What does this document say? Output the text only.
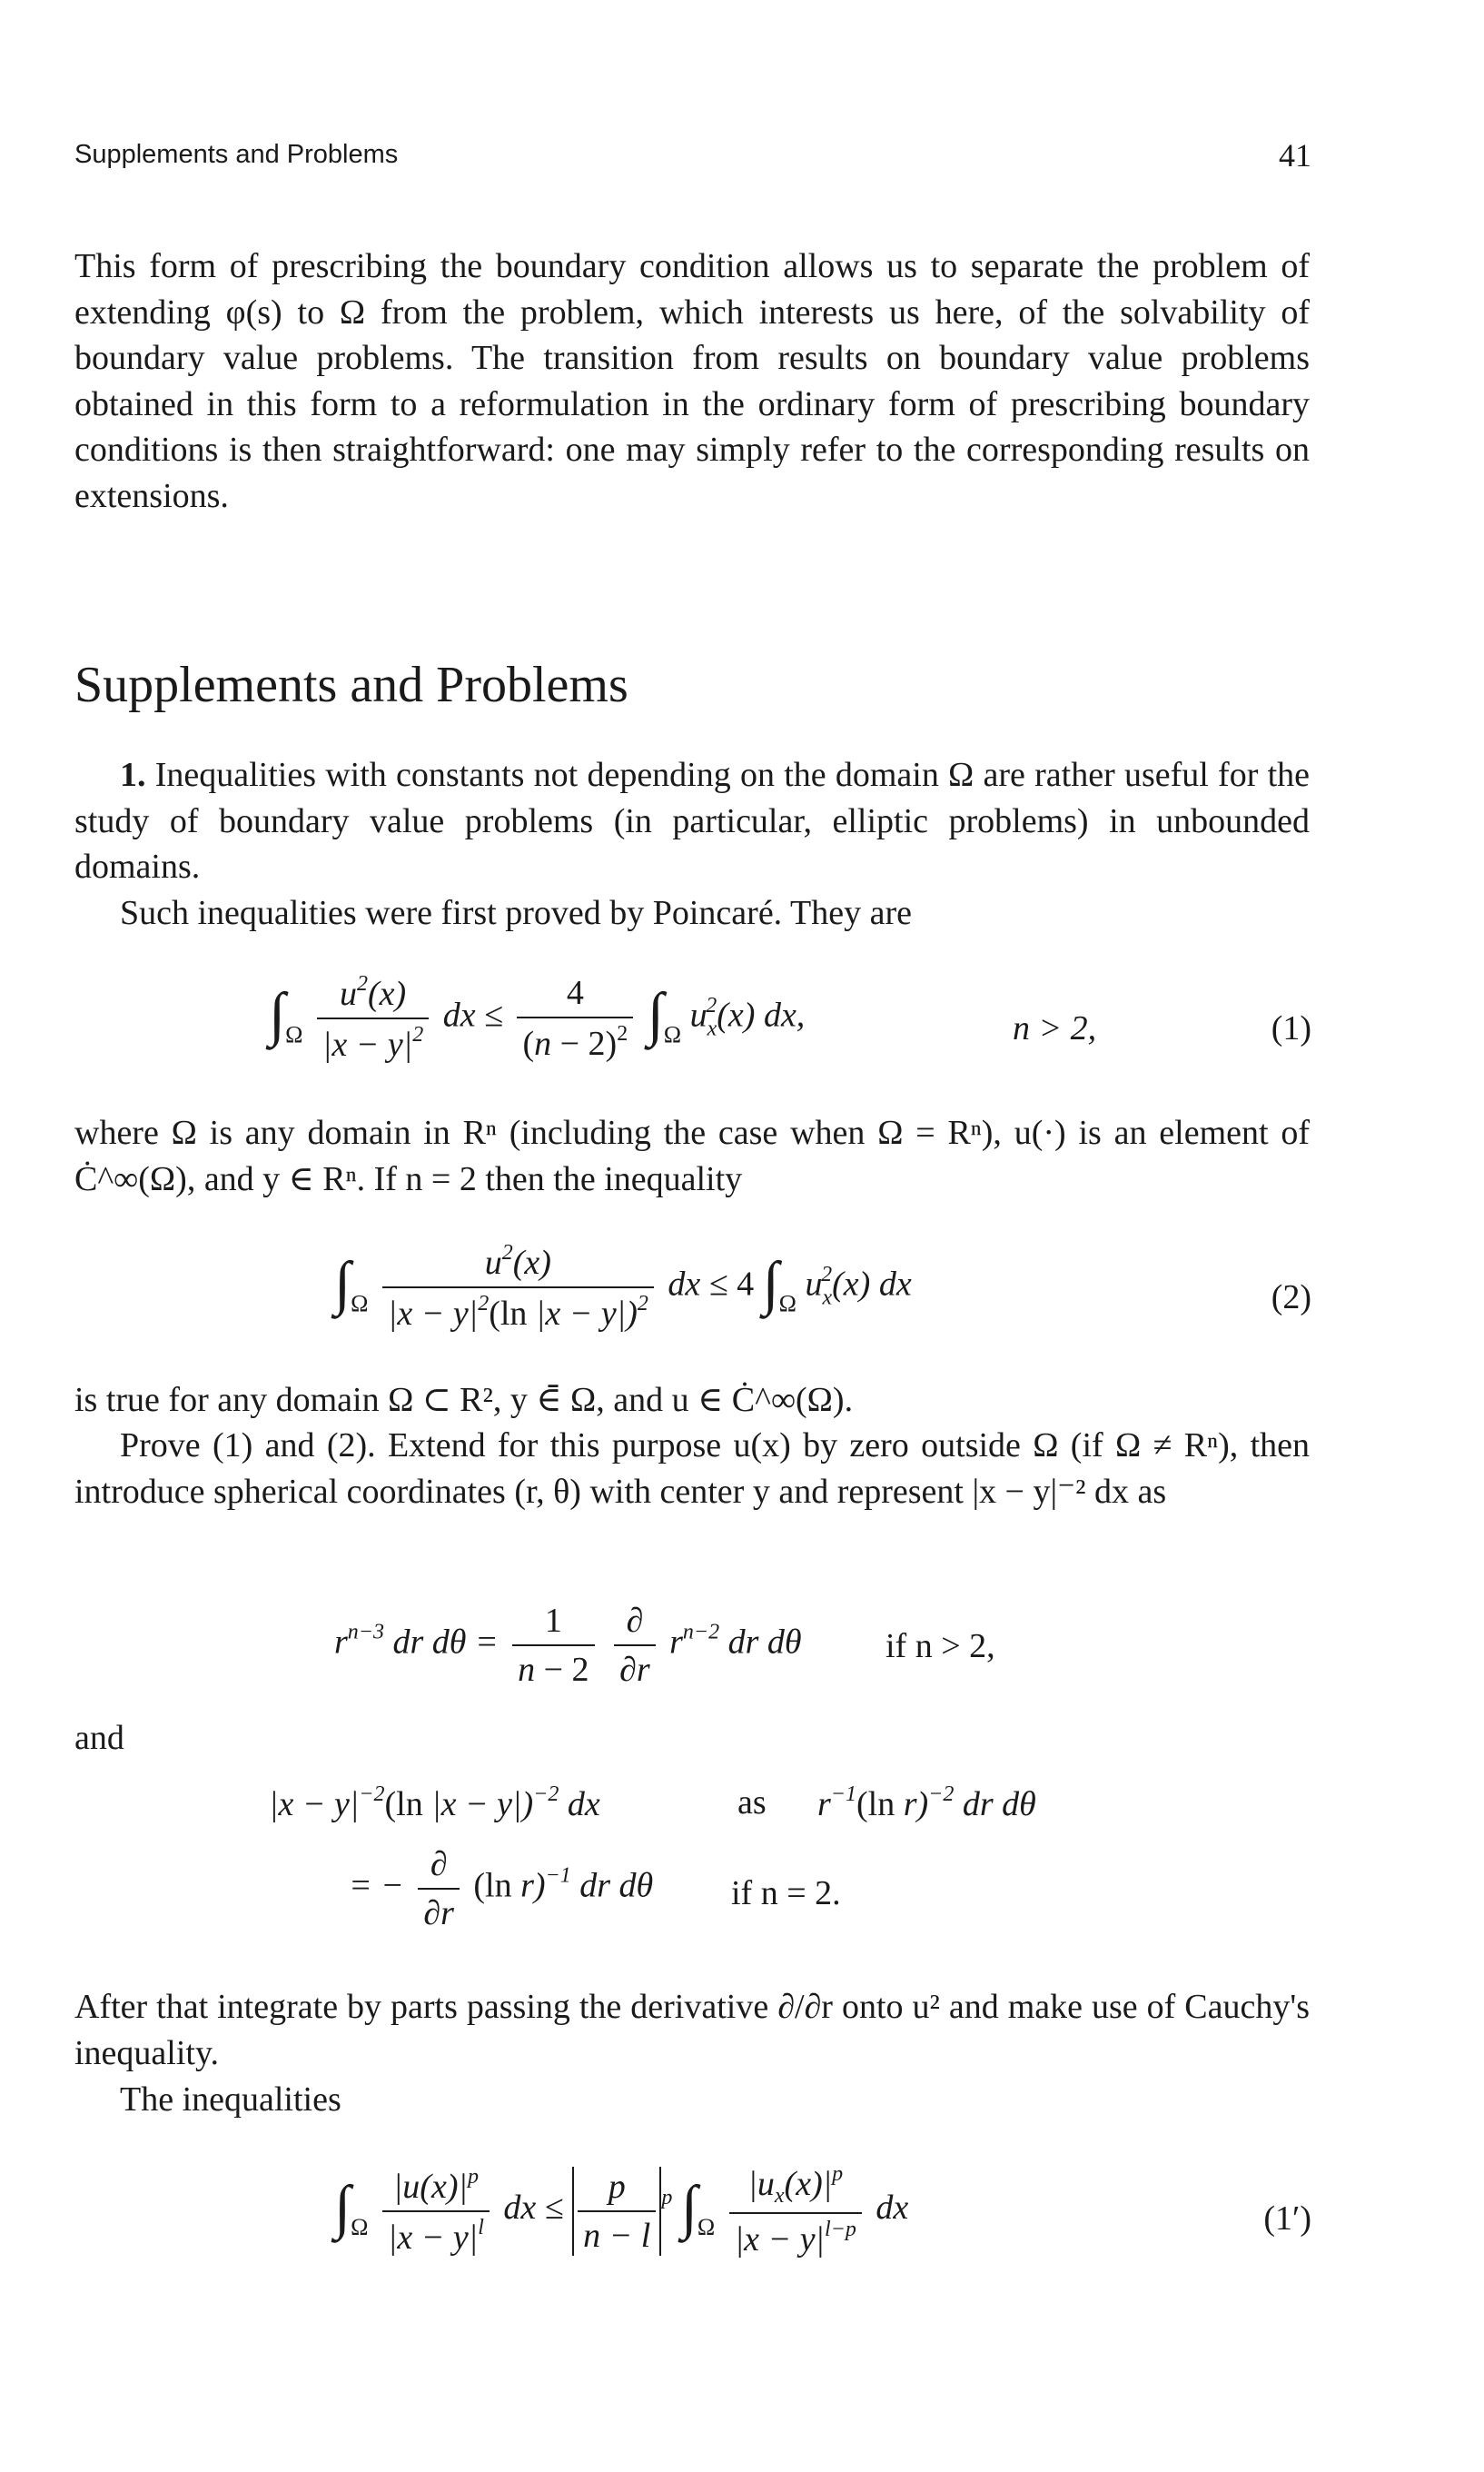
Supplements and Problems	41

This form of prescribing the boundary condition allows us to separate the problem of extending φ(s) to Ω from the problem, which interests us here, of the solvability of boundary value problems. The transition from results on boundary value problems obtained in this form to a reformulation in the ordinary form of prescribing boundary conditions is then straightforward: one may simply refer to the corresponding results on extensions.

Supplements and Problems

1. Inequalities with constants not depending on the domain Ω are rather useful for the study of boundary value problems (in particular, elliptic problems) in unbounded domains.

Such inequalities were first proved by Poincaré. They are

$\int_\Omega \frac{u^2(x)}{|x - y|^2}$ dx ≤ $\frac{4}{(n - 2)^2} \int_\Omega$ $u_x^2(x)$ dx,	n > 2,	(1)

where Ω is any domain in Rⁿ (including the case when Ω = Rⁿ), u(·) is an element of Ċ^∞(Ω), and y ∈ Rⁿ. If n = 2 then the inequality

$\int_\Omega \frac{u^2(x)}{|x - y|^2(\ln |x - y|)^2}$ dx ≤ 4 $\int_\Omega$ $u_x^2(x)$ dx	(2)

is true for any domain Ω ⊂ R², y ∈̄ Ω, and u ∈ Ċ^∞(Ω).

Prove (1) and (2). Extend for this purpose u(x) by zero outside Ω (if Ω ≠ Rⁿ), then introduce spherical coordinates (r, θ) with center y and represent |x − y|⁻² dx as

$r^{n-3}$ dr $d\theta = \frac{1}{n - 2}$
$\frac{\partial}{\partial r} r^{n-2}$ dr dθ if n > 2,

and

$|x - y|^{-2}(\ln$ |x − y|)$^{-2}$ dx	as $r^{-1}(\ln$ r)$^{-2}$ dr dθ
= − $\frac{\partial}{\partial r} (\ln$ r)$^{-1}$ dr dθ if n = 2.

After that integrate by parts passing the derivative ∂/∂r onto u² and make use of Cauchy's inequality.

The inequalities

$\int_\Omega \frac{|u(x)|^p}{|x - y|^l}$ dx ≤ $\frac{p}{n - l} ^p$ $\int_\Omega \frac{|u_x(x)|^p}{|x - y|^{l-p}}$ dx	(1′)
